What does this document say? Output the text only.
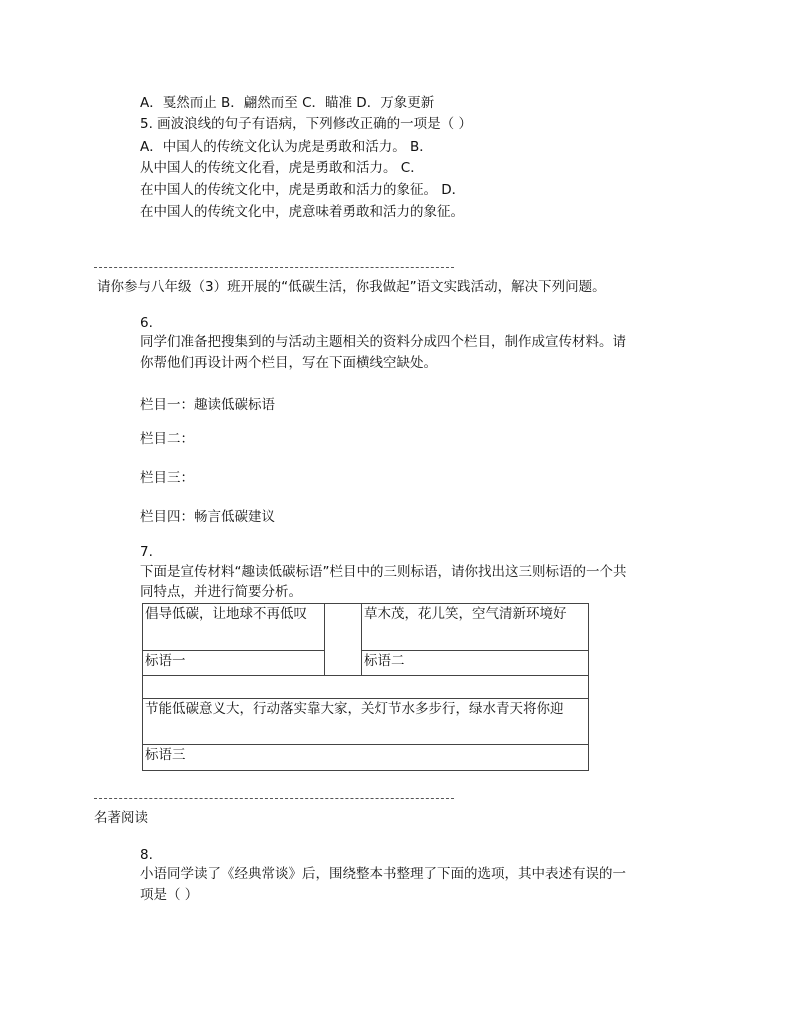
A．戛然而止 B．翩然而至 C．瞄准 D．万象更新
5. 画波浪线的句子有语病，下列修改正确的一项是（ ）
A．中国人的传统文化认为虎是勇敢和活力。 B．
从中国人的传统文化看，虎是勇敢和活力。 C．
在中国人的传统文化中，虎是勇敢和活力的象征。 D．
在中国人的传统文化中，虎意味着勇敢和活力的象征。
请你参与八年级（3）班开展的“低碳生活，你我做起”语文实践活动，解决下列问题。
6.
同学们准备把搜集到的与活动主题相关的资料分成四个栏目，制作成宣传材料。请
你帮他们再设计两个栏目，写在下面横线空缺处。
栏目一：趣读低碳标语
栏目二：
栏目三：
栏目四：畅言低碳建议
7.
下面是宣传材料“趣读低碳标语”栏目中的三则标语，请你找出这三则标语的一个共
同特点，并进行简要分析。
倡导低碳，让地球不再低叹
标语一
草木茂，花儿笑，空气清新环境好
标语二
节能低碳意义大，行动落实靠大家，关灯节水多步行，绿水青天将你迎
标语三
名著阅读
8.
小语同学读了《经典常谈》后，围绕整本书整理了下面的选项，其中表述有误的一
项是（ ）
